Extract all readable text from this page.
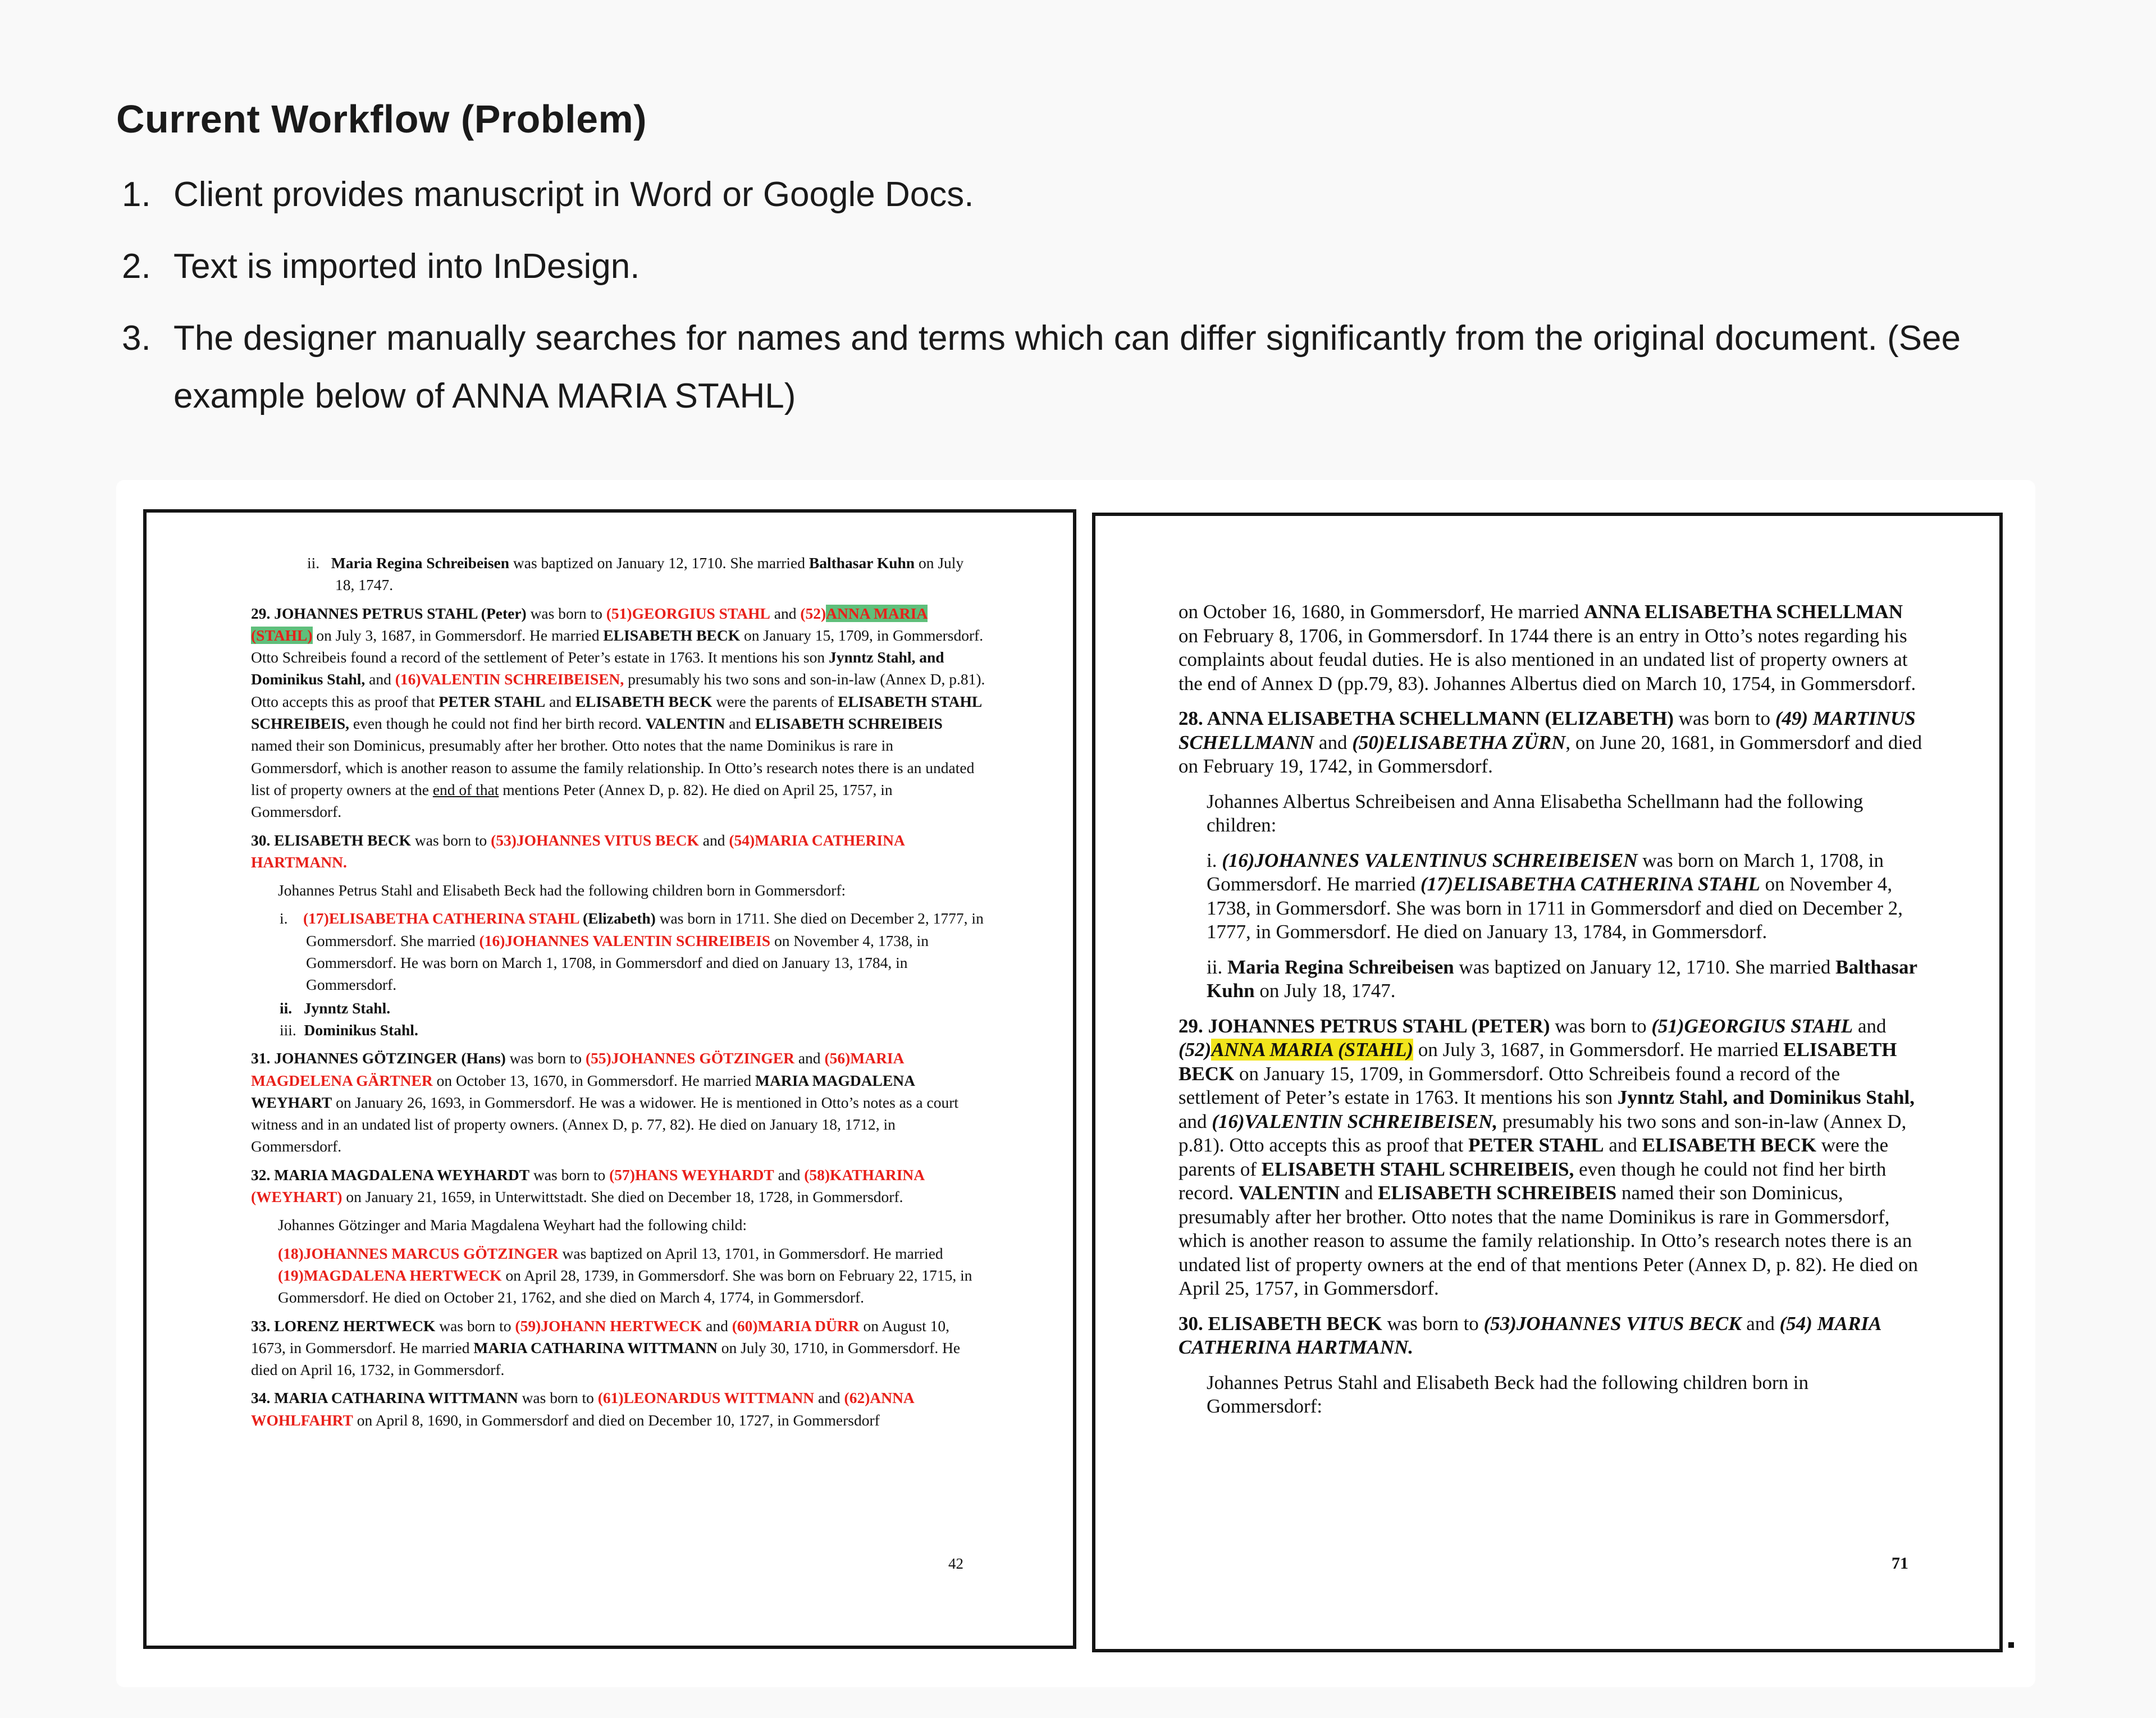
Current Workflow (Problem)
1. Client provides manuscript in Word or Google Docs.
2. Text is imported into InDesign.
3. The designer manually searches for names and terms which can differ significantly from the original document. (See example below of ANNA MARIA STAHL)

ii. Maria Regina Schreibeisen was baptized on January 12, 1710. She married Balthasar Kuhn on July 18, 1747.

29. JOHANNES PETRUS STAHL (Peter) was born to (51)GEORGIUS STAHL and (52)ANNA MARIA (STAHL) on July 3, 1687, in Gommersdorf. He married ELISABETH BECK on January 15, 1709, in Gommersdorf. Otto Schreibeis found a record of the settlement of Peter’s estate in 1763. It mentions his son Jynntz Stahl, and Dominikus Stahl, and (16)VALENTIN SCHREIBEISEN, presumably his two sons and son-in-law (Annex D, p.81). Otto accepts this as proof that PETER STAHL and ELISABETH BECK were the parents of ELISABETH STAHL SCHREIBEIS, even though he could not find her birth record. VALENTIN and ELISABETH SCHREIBEIS named their son Dominicus, presumably after her brother. Otto notes that the name Dominikus is rare in Gommersdorf, which is another reason to assume the family relationship. In Otto’s research notes there is an undated list of property owners at the end of that mentions Peter (Annex D, p. 82). He died on April 25, 1757, in Gommersdorf.

30. ELISABETH BECK was born to (53)JOHANNES VITUS BECK and (54)MARIA CATHERINA HARTMANN.

Johannes Petrus Stahl and Elisabeth Beck had the following children born in Gommersdorf:

i. (17)ELISABETHA CATHERINA STAHL (Elizabeth) was born in 1711. She died on December 2, 1777, in Gommersdorf. She married (16)JOHANNES VALENTIN SCHREIBEIS on November 4, 1738, in Gommersdorf. He was born on March 1, 1708, in Gommersdorf and died on January 13, 1784, in Gommersdorf.

ii. Jynntz Stahl.

iii. Dominikus Stahl.

31. JOHANNES GÖTZINGER (Hans) was born to (55)JOHANNES GÖTZINGER and (56)MARIA MAGDELENA GÄRTNER on October 13, 1670, in Gommersdorf. He married MARIA MAGDALENA WEYHART on January 26, 1693, in Gommersdorf. He was a widower. He is mentioned in Otto’s notes as a court witness and in an undated list of property owners. (Annex D, p. 77, 82). He died on January 18, 1712, in Gommersdorf.

32. MARIA MAGDALENA WEYHARDT was born to (57)HANS WEYHARDT and (58)KATHARINA (WEYHART) on January 21, 1659, in Unterwittstadt. She died on December 18, 1728, in Gommersdorf.

Johannes Götzinger and Maria Magdalena Weyhart had the following child:

(18)JOHANNES MARCUS GÖTZINGER was baptized on April 13, 1701, in Gommersdorf. He married (19)MAGDALENA HERTWECK on April 28, 1739, in Gommersdorf. She was born on February 22, 1715, in Gommersdorf. He died on October 21, 1762, and she died on March 4, 1774, in Gommersdorf.

33. LORENZ HERTWECK was born to (59)JOHANN HERTWECK and (60)MARIA DÜRR on August 10, 1673, in Gommersdorf. He married MARIA CATHARINA WITTMANN on July 30, 1710, in Gommersdorf. He died on April 16, 1732, in Gommersdorf.

34. MARIA CATHARINA WITTMANN was born to (61)LEONARDUS WITTMANN and (62)ANNA WOHLFAHRT on April 8, 1690, in Gommersdorf and died on December 10, 1727, in Gommersdorf

42

on October 16, 1680, in Gommersdorf, He married ANNA ELISABETHA SCHELLMAN on February 8, 1706, in Gommersdorf. In 1744 there is an entry in Otto’s notes regarding his complaints about feudal duties. He is also mentioned in an undated list of property owners at the end of Annex D (pp.79, 83). Johannes Albertus died on March 10, 1754, in Gommersdorf.

28. ANNA ELISABETHA SCHELLMANN (ELIZABETH) was born to (49) MARTINUS SCHELLMANN and (50)ELISABETHA ZÜRN, on June 20, 1681, in Gommersdorf and died on February 19, 1742, in Gommersdorf.

Johannes Albertus Schreibeisen and Anna Elisabetha Schellmann had the following children:

i. (16)JOHANNES VALENTINUS SCHREIBEISEN was born on March 1, 1708, in Gommersdorf. He married (17)ELISABETHA CATHERINA STAHL on November 4, 1738, in Gommersdorf. She was born in 1711 in Gommersdorf and died on December 2, 1777, in Gommersdorf. He died on January 13, 1784, in Gommersdorf.

ii. Maria Regina Schreibeisen was baptized on January 12, 1710. She married Balthasar Kuhn on July 18, 1747.

29. JOHANNES PETRUS STAHL (PETER) was born to (51)GEORGIUS STAHL and (52)ANNA MARIA (STAHL) on July 3, 1687, in Gommersdorf. He married ELISABETH BECK on January 15, 1709, in Gommersdorf. Otto Schreibeis found a record of the settlement of Peter’s estate in 1763. It mentions his son Jynntz Stahl, and Dominikus Stahl, and (16)VALENTIN SCHREIBEISEN, presumably his two sons and son-in-law (Annex D, p.81). Otto accepts this as proof that PETER STAHL and ELISABETH BECK were the parents of ELISABETH STAHL SCHREIBEIS, even though he could not find her birth record. VALENTIN and ELISABETH SCHREIBEIS named their son Dominicus, presumably after her brother. Otto notes that the name Dominikus is rare in Gommersdorf, which is another reason to assume the family relationship. In Otto’s research notes there is an undated list of property owners at the end of that mentions Peter (Annex D, p. 82). He died on April 25, 1757, in Gommersdorf.

30. ELISABETH BECK was born to (53)JOHANNES VITUS BECK and (54) MARIA CATHERINA HARTMANN.

Johannes Petrus Stahl and Elisabeth Beck had the following children born in Gommersdorf:

71
